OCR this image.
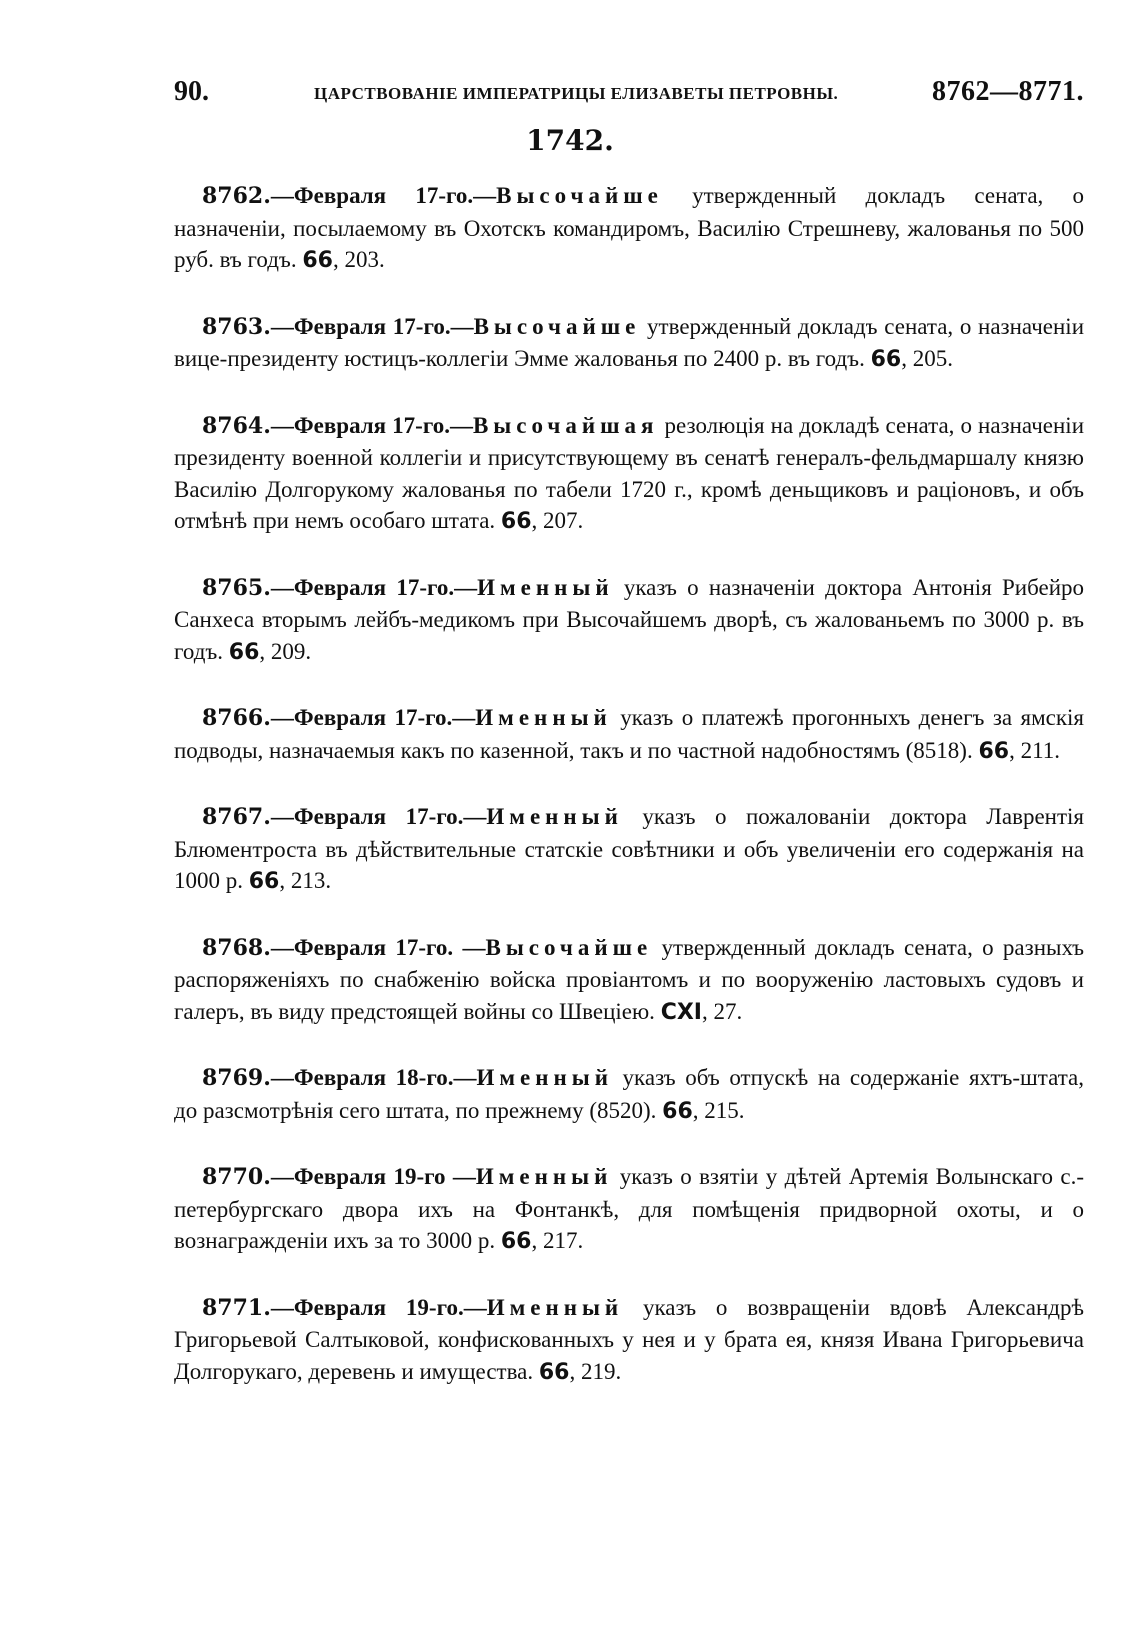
90.	ЦАРСТВОВАНІЕ ИМПЕРАТРИЦЫ ЕЛИЗАВЕТЫ ПЕТРОВНЫ.	8762—8771.
1742.

8762.—Февраля 17-го.—Высочайше утвержденный докладъ сената, о назначеніи, посылаемому въ Охотскъ командиромъ, Василію Стрешневу, жалованья по 500 руб. въ годъ. 66, 203.

8763.—Февраля 17-го.—Высочайше утвержденный докладъ сената, о назначеніи вице-президенту юстицъ-коллегіи Эмме жалованья по 2400 р. въ годъ. 66, 205.

8764.—Февраля 17-го.—Высочайшая резолюція на докладѣ сената, о назначеніи президенту военной коллегіи и присутствующему въ сенатѣ генералъ-фельдмаршалу князю Василію Долгорукому жалованья по табели 1720 г., кромѣ деньщиковъ и раціоновъ, и объ отмѣнѣ при немъ особаго штата. 66, 207.

8765.—Февраля 17-го.—Именный указъ о назначеніи доктора Антонія Рибейро Санхеса вторымъ лейбъ-медикомъ при Высочайшемъ дворѣ, съ жалованьемъ по 3000 р. въ годъ. 66, 209.

8766.—Февраля 17-го.—Именный указъ о платежѣ прогонныхъ денегъ за ямскія подводы, назначаемыя какъ по казенной, такъ и по частной надобностямъ (8518). 66, 211.

8767.—Февраля 17-го.—Именный указъ о пожалованіи доктора Лаврентія Блюментроста въ дѣйствительные статскіе совѣтники и объ увеличеніи его содержанія на 1000 р. 66, 213.

8768.—Февраля 17-го. —Высочайше утвержденный докладъ сената, о разныхъ распоряженіяхъ по снабженію войска провіантомъ и по вооруженію ластовыхъ судовъ и галеръ, въ виду предстоящей войны со Швеціею. CXI, 27.

8769.—Февраля 18-го.—Именный указъ объ отпускѣ на содержаніе яхтъ-штата, до разсмотрѣнія сего штата, по прежнему (8520). 66, 215.

8770.—Февраля 19-го —Именный указъ о взятіи у дѣтей Артемія Волынскаго с.-петербургскаго двора ихъ на Фонтанкѣ, для помѣщенія придворной охоты, и о вознагражденіи ихъ за то 3000 р. 66, 217.

8771.—Февраля 19-го.—Именный указъ о возвращеніи вдовѣ Александрѣ Григорьевой Салтыковой, конфискованныхъ у нея и у брата ея, князя Ивана Григорьевича Долгорукаго, деревень и имущества. 66, 219.
